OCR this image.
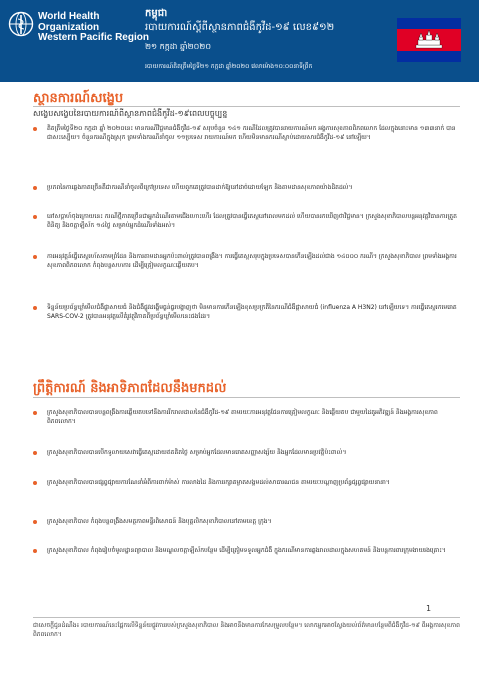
World Health
Organization
Western Pacific Region
កម្ពុជា
របាយការណ៍ស្ដីពីស្ថានភាពជំងឺកូវីដ-១៩ លេខ៩១២
២១ កក្កដា ឆ្នាំ២០២០
របាយការណ៍គិតត្រឹមថ្ងៃទី២១ កក្កដា ឆ្នាំ២០២០ វេលាម៉ោង១០:០០នាទីព្រឹក
ស្ថានការណ៍សង្ខេប
សង្ខេបសង្ខេបនៃរបាយការណ៍ពីស្ថានភាពជំងឺកូវីដ-១៩ពេលបច្ចុប្បន្ន
គិតត្រឹមថ្ងៃទី២០ កក្កដា ឆ្នាំ ២០២០នេះ មានករណីវិជ្ជមានជំងឺកូវីដ-១៩ សរុបចំនួន ១៤១ ករណីដែលត្រូវបានរាយការណ៍មក អង្គការសុខភាពពិភពលោក ដែលក្នុងនោះមាន ១៣៣នាក់ បានជាសះស្បើយ។ ចំនួនករណីក្នុងស្រុក ព្រមទាំងករណីនាំចូល ១១ប្រទេស រាយការណ៍មក ហើយមិនមានករណីស្លាប់ដោយសារជំងឺកូវីដ-១៩ នៅឡើយ។
ប្រភពនៃការឆ្លងភាគច្រើនគឺជាករណីនាំចូលពីក្រៅប្រទេស ហើយពួកគេត្រូវបានដាក់ឱ្យនៅដាច់ដោយឡែក និងតាមដានសុខភាពយ៉ាងដិតដល់។
នៅសប្ដាហ៍ចុងក្រោយនេះ ករណីថ្មីភាគច្រើនជាអ្នកដំណើរតាមជើងហោះហើរ ដែលត្រូវបានធ្វើតេស្តនៅពេលមកដល់ ហើយបានរកឃើញថាវិជ្ជមាន។ ក្រសួងសុខាភិបាលបន្តអនុវត្តវិធានការត្រួតពិនិត្យ និងចត្តាឡីស័ក ១៤ថ្ងៃ សម្រាប់អ្នកដំណើរទាំងអស់។
ការអនុវត្តន៍ធ្វើតេស្តរហ័សតាមព្រំដែន និងការតាមដានអ្នកប៉ះពាល់ត្រូវបានពង្រឹង។ ការធ្វើតេស្តសរុបក្នុងប្រទេសបានកើនឡើងដល់ជាង ១៤០០០ ករណី។ ក្រសួងសុខាភិបាល ព្រមទាំងអង្គការសុខភាពពិភពលោក កំពុងបន្តសហការ ដើម្បីត្រៀមលក្ខណៈឆ្លើយតប។
ទិន្នន័យប្រព័ន្ធឃ្លាំមើលជំងឺផ្ដាសាយធំ និងជំងឺផ្លូវដង្ហើមធ្ងន់ធ្ងរបង្ហាញថា មិនមានការកើនឡើងខុសប្រក្រតីនៃករណីជំងឺផ្ដាសាយធំ (influenza A H3N2) នៅឡើយទេ។ ការធ្វើតេស្តរកមេរោគ SARS-COV-2 ត្រូវបានអនុវត្តលើគំរូវត្ថុវិភាគពីប្រព័ន្ធឃ្លាំមើលនេះផងដែរ។
ព្រឹត្តិការណ៍ និងអាទិភាពដែលនឹងមកដល់
ក្រសួងសុខាភិបាលបានបន្តពង្រឹងការឆ្លើយតបទៅនឹងការរីករាលដាលនៃជំងឺកូវីដ-១៩ តាមរយៈការអនុវត្តផែនការត្រៀមលក្ខណៈ និងឆ្លើយតប ជាមួយដៃគូអភិវឌ្ឍន៍ និងអង្គការសុខភាពពិភពលោក។
ក្រសួងសុខាភិបាលបានបើកទូលាយសេវាធ្វើតេស្តដោយឥតគិតថ្លៃ សម្រាប់អ្នកដែលមានរោគសញ្ញាសង្ស័យ និងអ្នកដែលមានប្រវត្តិប៉ះពាល់។
ក្រសួងសុខាភិបាលបានផ្សព្វផ្សាយការណែនាំអំពីការពាក់ម៉ាស់ ការលាងដៃ និងការរក្សាគម្លាតសង្គមដល់សាធារណជន តាមរយៈបណ្ដាញប្រព័ន្ធផ្សព្វផ្សាយនានា។
ក្រសួងសុខាភិបាល កំពុងបន្តពង្រឹងសមត្ថភាពមន្ទីរពិសោធន៍ និងបុគ្គលិកសុខាភិបាលនៅតាមខេត្ត ក្រុង។
ក្រសួងសុខាភិបាល កំពុងរៀបចំមូលដ្ឋានព្យាបាល និងមណ្ឌលចត្តាឡីស័កបន្ថែម ដើម្បីត្រៀមទទួលអ្នកជំងឺ ក្នុងករណីមានការឆ្លងរាលដាលក្នុងសហគមន៍ និងបន្តការពារក្រុមងាយរងគ្រោះ។
1
ជាសេចក្ដីជូនដំណឹង៖ របាយការណ៍នេះផ្អែកលើទិន្នន័យផ្លូវការរបស់ក្រសួងសុខាភិបាល និងអាចនឹងមានការកែសម្រួលបន្ថែម។ លោកអ្នកអាចស្វែងយល់ព័ត៌មានបន្ថែមពីជំងឺកូវីដ-១៩ ពីអង្គការសុខភាពពិភពលោក។
